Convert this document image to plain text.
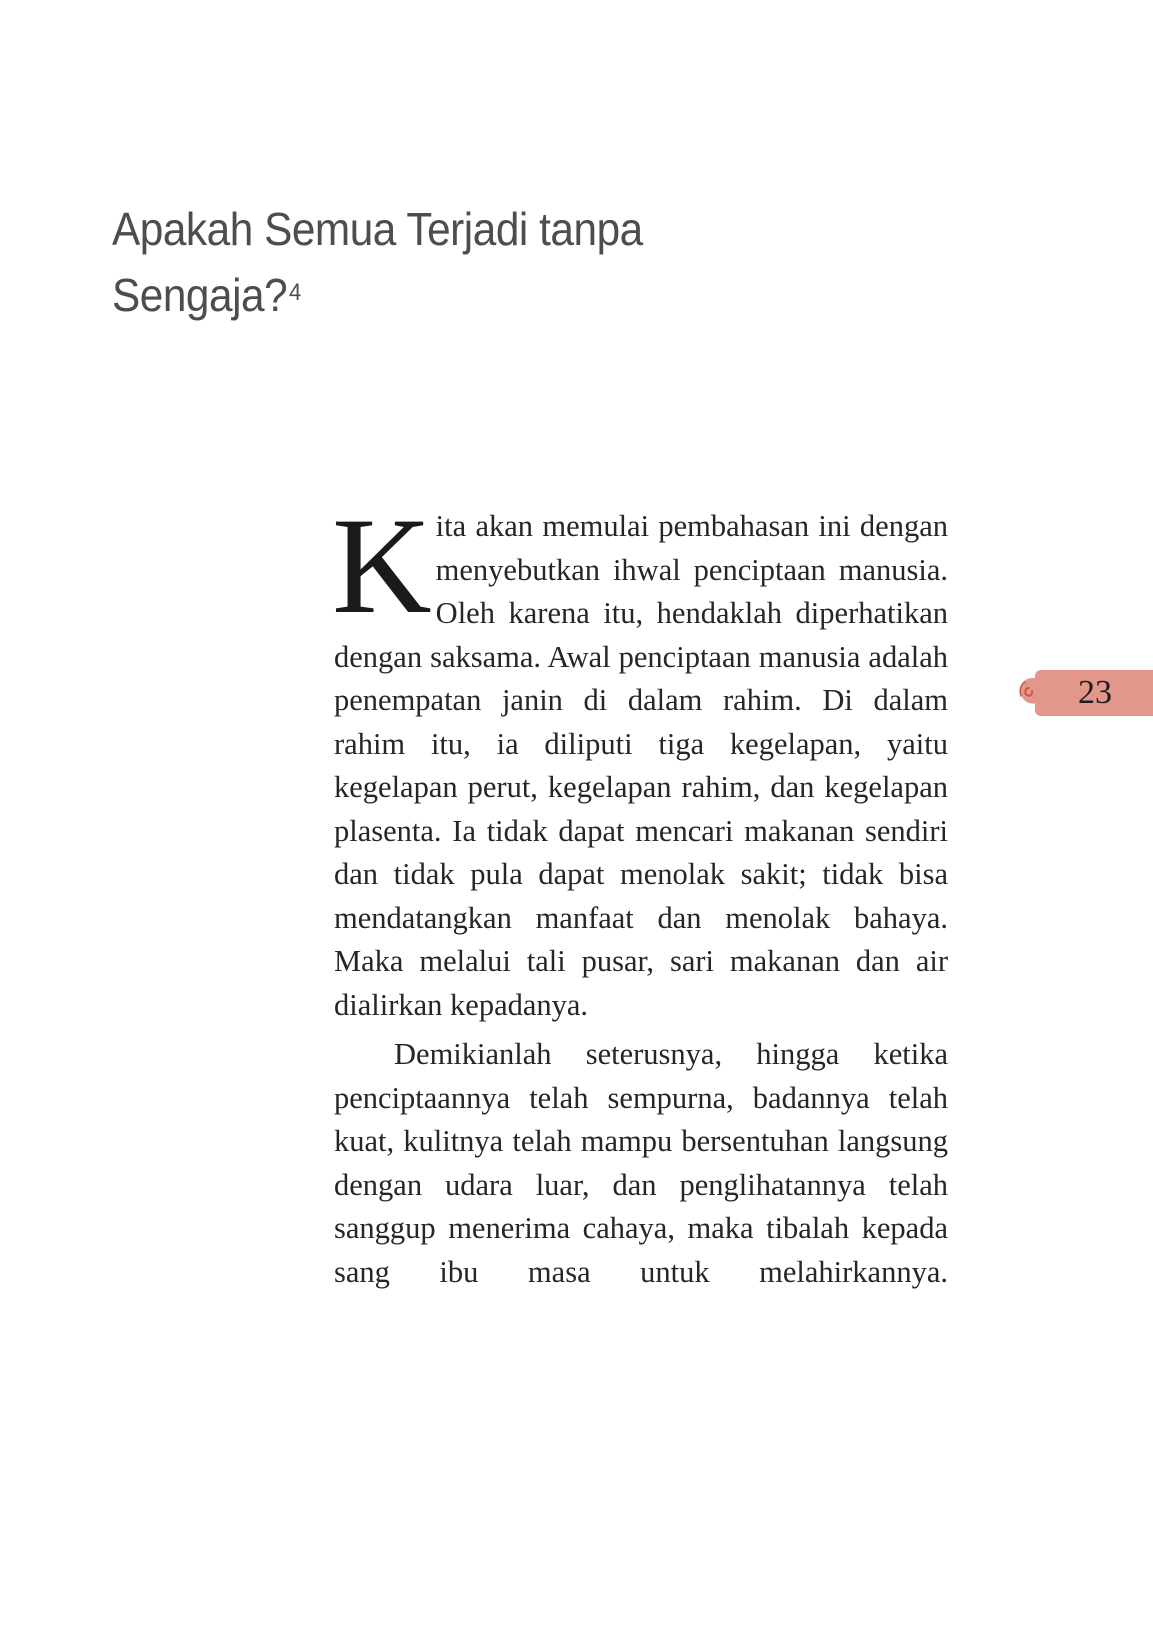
Apakah Semua Terjadi tanpa
Sengaja?$^4$

Kita akan memulai pembahasan ini dengan menyebutkan ihwal penciptaan manusia. Oleh karena itu, hendaklah diperhatikan dengan saksama. Awal penciptaan manusia adalah penempatan janin di dalam rahim. Di dalam rahim itu, ia diliputi tiga kegelapan, yaitu kegelapan perut, kegelapan rahim, dan kegelapan plasenta. Ia tidak dapat mencari makanan sendiri dan tidak pula dapat menolak sakit; tidak bisa mendatangkan manfaat dan menolak bahaya. Maka melalui tali pusar, sari makanan dan air dialirkan kepadanya.

Demikianlah seterusnya, hingga ketika penciptaannya telah sempurna, badannya telah kuat, kulitnya telah mampu bersentuhan langsung dengan udara luar, dan penglihatannya telah sanggup menerima cahaya, maka tibalah kepada sang ibu masa untuk melahirkannya.

23
